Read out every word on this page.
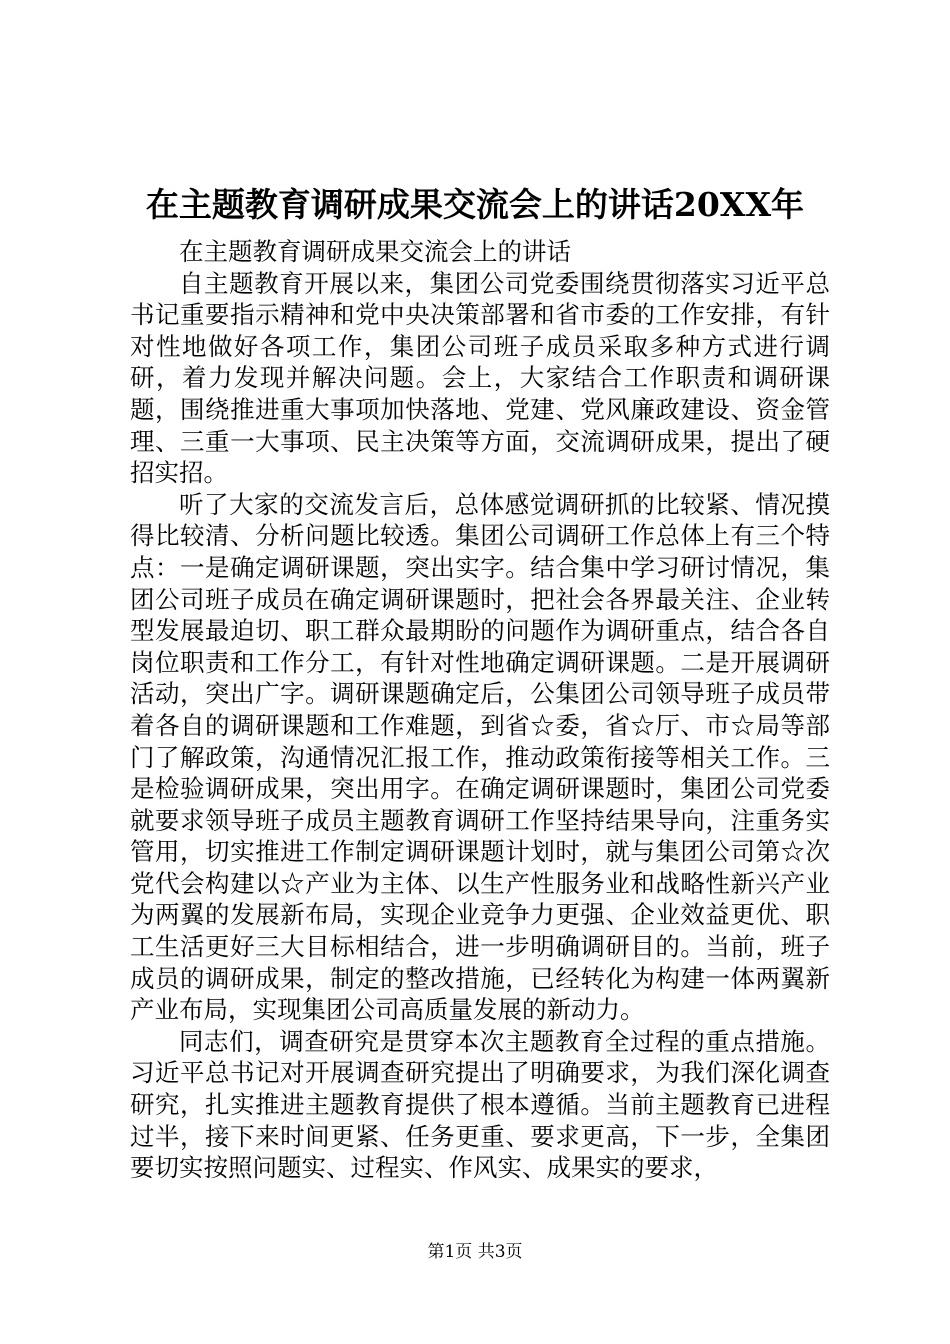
在主题教育调研成果交流会上的讲话20XX年

在主题教育调研成果交流会上的讲话

自主题教育开展以来，集团公司党委围绕贯彻落实习近平总书记重要指示精神和党中央决策部署和省市委的工作安排，有针对性地做好各项工作，集团公司班子成员采取多种方式进行调研，着力发现并解决问题。会上，大家结合工作职责和调研课题，围绕推进重大事项加快落地、党建、党风廉政建设、资金管理、三重一大事项、民主决策等方面，交流调研成果，提出了硬招实招。

听了大家的交流发言后，总体感觉调研抓的比较紧、情况摸得比较清、分析问题比较透。集团公司调研工作总体上有三个特点：一是确定调研课题，突出实字。结合集中学习研讨情况，集团公司班子成员在确定调研课题时，把社会各界最关注、企业转型发展最迫切、职工群众最期盼的问题作为调研重点，结合各自岗位职责和工作分工，有针对性地确定调研课题。二是开展调研活动，突出广字。调研课题确定后，公集团公司领导班子成员带着各自的调研课题和工作难题，到省☆委，省☆厅、市☆局等部门了解政策，沟通情况汇报工作，推动政策衔接等相关工作。三是检验调研成果，突出用字。在确定调研课题时，集团公司党委就要求领导班子成员主题教育调研工作坚持结果导向，注重务实管用，切实推进工作制定调研课题计划时，就与集团公司第☆次党代会构建以☆产业为主体、以生产性服务业和战略性新兴产业为两翼的发展新布局，实现企业竞争力更强、企业效益更优、职工生活更好三大目标相结合，进一步明确调研目的。当前，班子成员的调研成果，制定的整改措施，已经转化为构建一体两翼新产业布局，实现集团公司高质量发展的新动力。

同志们，调查研究是贯穿本次主题教育全过程的重点措施。习近平总书记对开展调查研究提出了明确要求，为我们深化调查研究，扎实推进主题教育提供了根本遵循。当前主题教育已进程过半，接下来时间更紧、任务更重、要求更高，下一步，全集团要切实按照问题实、过程实、作风实、成果实的要求，

第1页 共3页
